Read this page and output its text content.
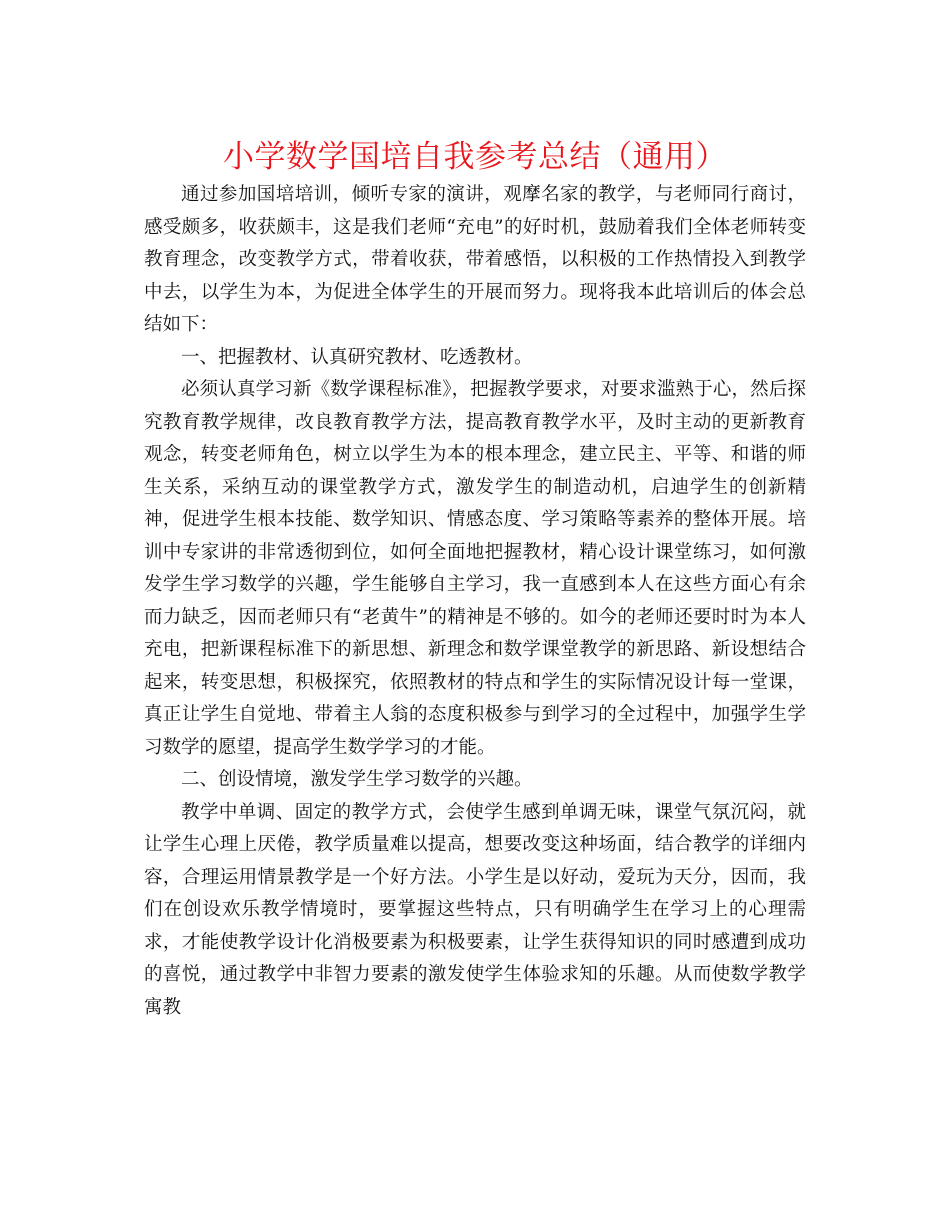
小学数学国培自我参考总结（通用）

通过参加国培培训，倾听专家的演讲，观摩名家的教学，与老师同行商讨，感受颇多，收获颇丰，这是我们老师“充电”的好时机，鼓励着我们全体老师转变教育理念，改变教学方式，带着收获，带着感悟，以积极的工作热情投入到教学中去，以学生为本，为促进全体学生的开展而努力。现将我本此培训后的体会总结如下：

一、把握教材、认真研究教材、吃透教材。

必须认真学习新《数学课程标准》，把握教学要求，对要求滥熟于心，然后探究教育教学规律，改良教育教学方法，提高教育教学水平，及时主动的更新教育观念，转变老师角色，树立以学生为本的根本理念，建立民主、平等、和谐的师生关系，采纳互动的课堂教学方式，激发学生的制造动机，启迪学生的创新精神，促进学生根本技能、数学知识、情感态度、学习策略等素养的整体开展。培训中专家讲的非常透彻到位，如何全面地把握教材，精心设计课堂练习，如何激发学生学习数学的兴趣，学生能够自主学习，我一直感到本人在这些方面心有余而力缺乏，因而老师只有“老黄牛”的精神是不够的。如今的老师还要时时为本人充电，把新课程标准下的新思想、新理念和数学课堂教学的新思路、新设想结合起来，转变思想，积极探究，依照教材的特点和学生的实际情况设计每一堂课，真正让学生自觉地、带着主人翁的态度积极参与到学习的全过程中，加强学生学习数学的愿望，提高学生数学学习的才能。

二、创设情境，激发学生学习数学的兴趣。

教学中单调、固定的教学方式，会使学生感到单调无味，课堂气氛沉闷，就让学生心理上厌倦，教学质量难以提高，想要改变这种场面，结合教学的详细内容，合理运用情景教学是一个好方法。小学生是以好动，爱玩为天分，因而，我们在创设欢乐教学情境时，要掌握这些特点，只有明确学生在学习上的心理需求，才能使教学设计化消极要素为积极要素，让学生获得知识的同时感遭到成功的喜悦，通过教学中非智力要素的激发使学生体验求知的乐趣。从而使数学教学寓教
